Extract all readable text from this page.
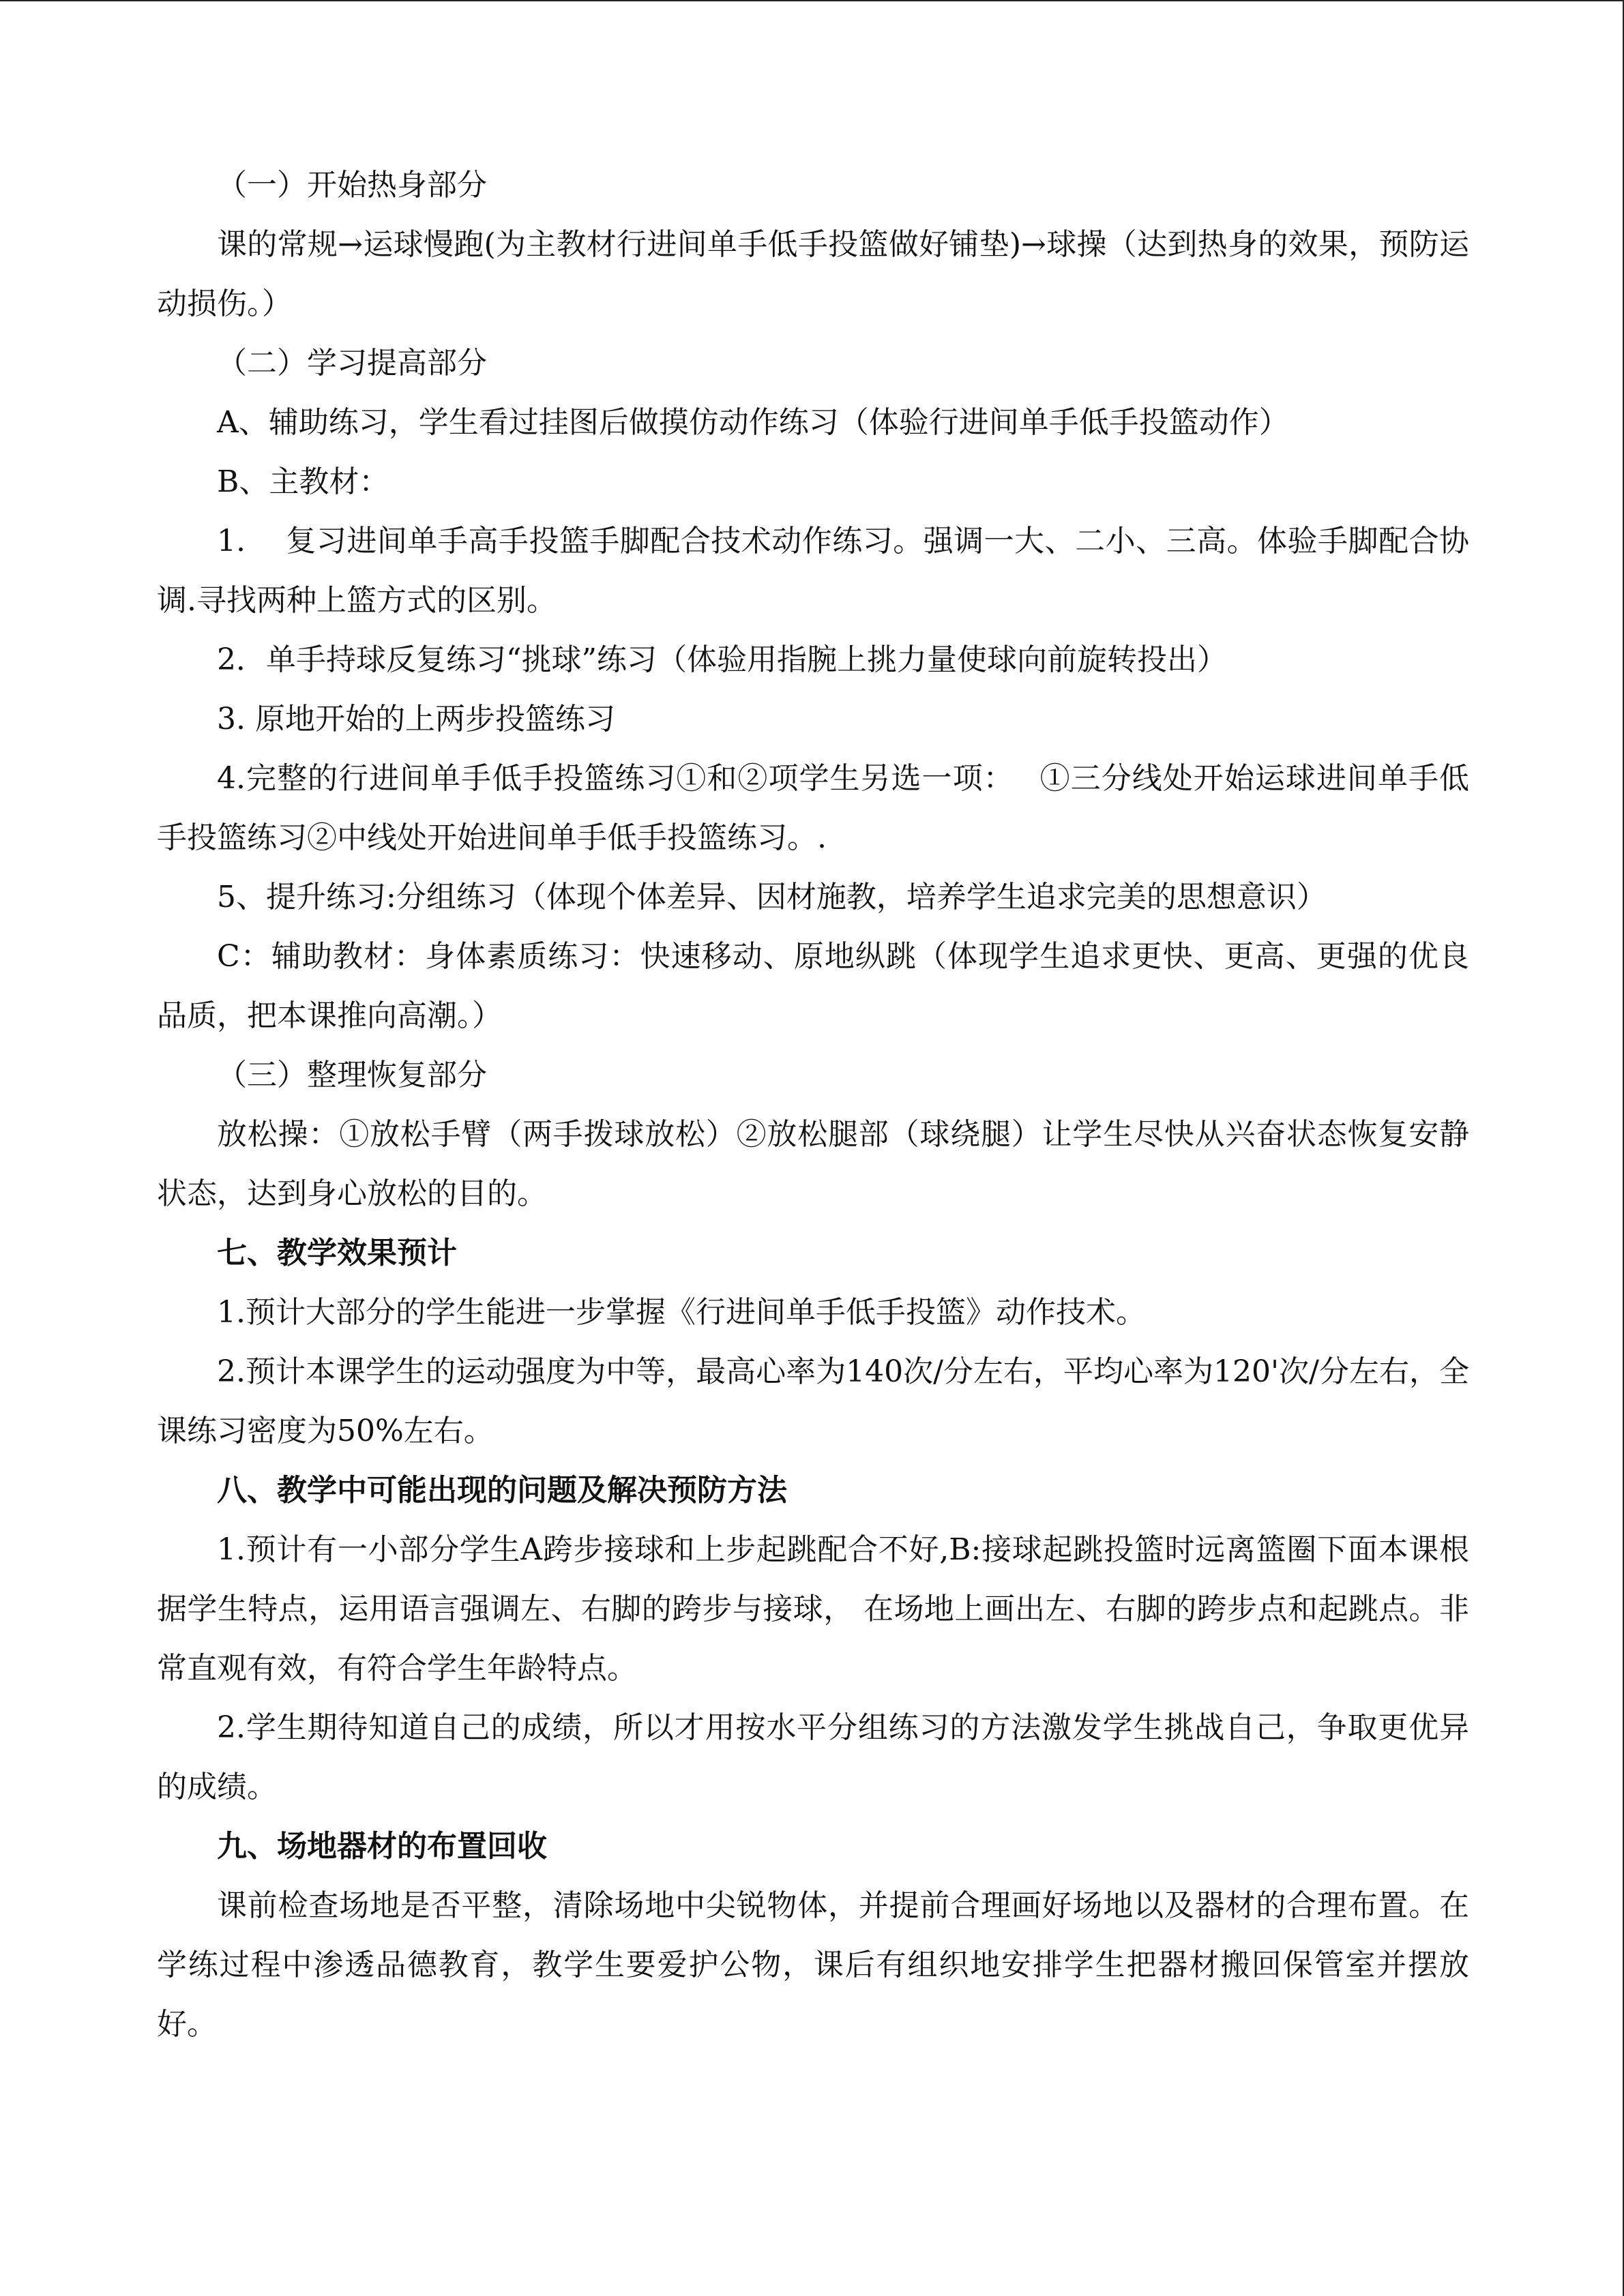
（一）开始热身部分

课的常规→运球慢跑(为主教材行进间单手低手投篮做好铺垫)→球操（达到热身的效果，预防运动损伤。）

（二）学习提高部分

A、辅助练习，学生看过挂图后做摸仿动作练习（体验行进间单手低手投篮动作）

B、主教材：

1.　 复习进间单手高手投篮手脚配合技术动作练习。强调一大、二小、三高。体验手脚配合协调.寻找两种上篮方式的区别。

2．单手持球反复练习“挑球”练习（体验用指腕上挑力量使球向前旋转投出）

3. 原地开始的上两步投篮练习

4.完整的行进间单手低手投篮练习①和②项学生另选一项：　 ①三分线处开始运球进间单手低手投篮练习②中线处开始进间单手低手投篮练习。.

5、提升练习:分组练习（体现个体差异、因材施教，培养学生追求完美的思想意识）

C：辅助教材：身体素质练习：快速移动、原地纵跳（体现学生追求更快、更高、更强的优良品质，把本课推向高潮。）

（三）整理恢复部分

放松操：①放松手臂（两手拨球放松）②放松腿部（球绕腿）让学生尽快从兴奋状态恢复安静状态，达到身心放松的目的。

七、教学效果预计

1.预计大部分的学生能进一步掌握《行进间单手低手投篮》动作技术。

2.预计本课学生的运动强度为中等，最高心率为140次/分左右，平均心率为120'次/分左右，全课练习密度为50%左右。

八、教学中可能出现的问题及解决预防方法

1.预计有一小部分学生A跨步接球和上步起跳配合不好,B:接球起跳投篮时远离篮圈下面本课根据学生特点，运用语言强调左、右脚的跨步与接球， 在场地上画出左、右脚的跨步点和起跳点。非常直观有效，有符合学生年龄特点。

2.学生期待知道自己的成绩，所以才用按水平分组练习的方法激发学生挑战自己，争取更优异的成绩。

九、场地器材的布置回收

课前检查场地是否平整，清除场地中尖锐物体，并提前合理画好场地以及器材的合理布置。在学练过程中渗透品德教育，教学生要爱护公物，课后有组织地安排学生把器材搬回保管室并摆放好。
